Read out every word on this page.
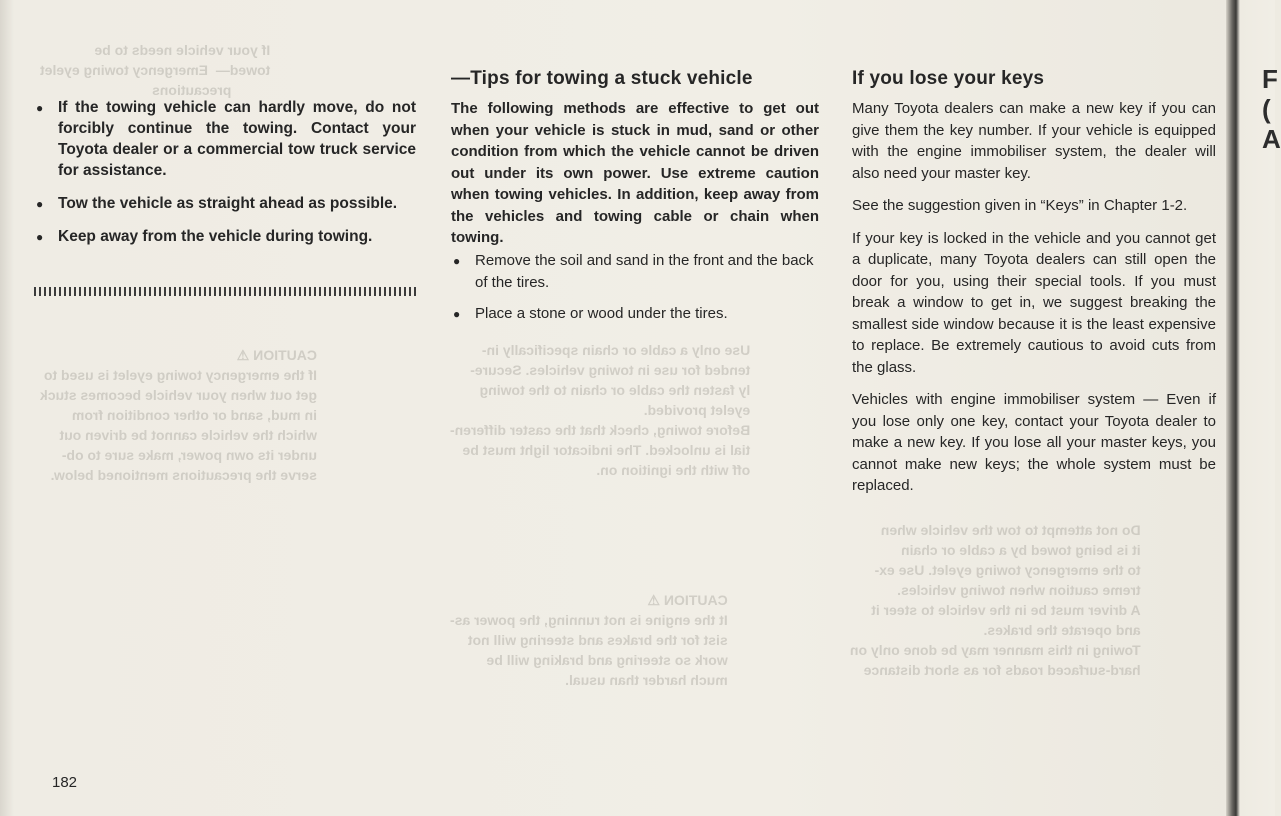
If your vehicle needs to be
towed—  Emergency towing eyelet
precautions
CAUTION ⚠
If the emergency towing eyelet is used to
get out when your vehicle becomes stuck
in mud, sand or other condition from
which the vehicle cannot be driven out
under its own power, make sure to ob-
serve the precautions mentioned below.
Use only a cable or chain specifically in-
tended for use in towing vehicles. Secure-
ly fasten the cable or chain to the towing
eyelet provided.
Before towing, check that the caster differen-
tial is unlocked. The indicator light must be
off with the ignition on.
Do not attempt to tow the vehicle when
it is being towed by a cable or chain
to the emergency towing eyelet. Use ex-
treme caution when towing vehicles.
A driver must be in the vehicle to steer it
and operate the brakes.
Towing in this manner may be done only on
hard-surfaced roads for as short distance
CAUTION ⚠
It the engine is not running, the power as-
sist for the brakes and steering will not
work so steering and braking will be
much harder than usual.
● If the towing vehicle can hardly move, do not forcibly continue the towing. Contact your Toyota dealer or a commercial tow truck service for assistance.
● Tow the vehicle as straight ahead as possible.
● Keep away from the vehicle during towing.
—Tips for towing a stuck vehicle

The following methods are effective to get out when your vehicle is stuck in mud, sand or other condition from which the vehicle cannot be driven out under its own power. Use extreme caution when towing vehicles. In addition, keep away from the vehicles and towing cable or chain when towing.

● Remove the soil and sand in the front and the back of the tires.
● Place a stone or wood under the tires.
If you lose your keys

Many Toyota dealers can make a new key if you can give them the key number. If your vehicle is equipped with the engine immobiliser system, the dealer will also need your master key.

See the suggestion given in “Keys” in Chapter 1-2.

If your key is locked in the vehicle and you cannot get a duplicate, many Toyota dealers can still open the door for you, using their special tools. If you must break a window to get in, we suggest breaking the smallest side window because it is the least expensive to replace. Be extremely cautious to avoid cuts from the glass.

Vehicles with engine immobiliser system — Even if you lose only one key, contact your Toyota dealer to make a new key. If you lose all your master keys, you cannot make new keys; the whole system must be replaced.

182
F
(
A
